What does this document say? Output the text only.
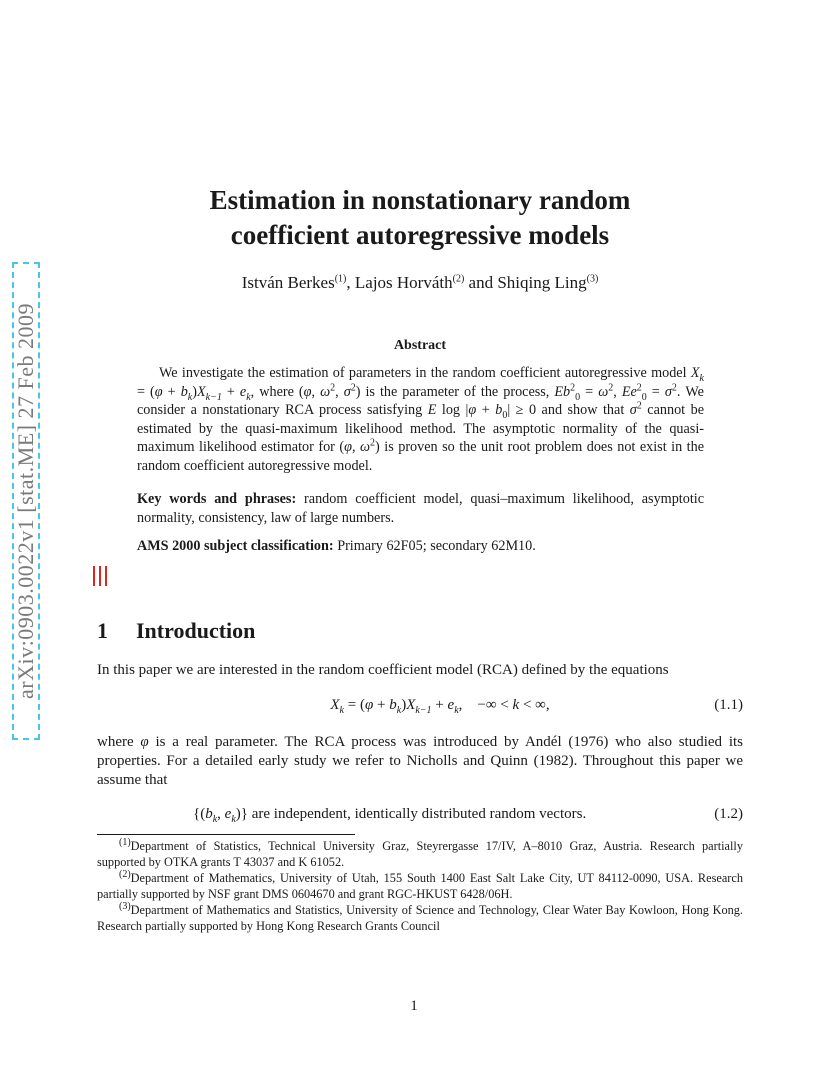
arXiv:0903.0022v1 [stat.ME] 27 Feb 2009
Estimation in nonstationary random
coefficient autoregressive models
István Berkes$^{(1)}$, Lajos Horváth$^{(2)}$ and Shiqing Ling$^{(3)}$
Abstract
We investigate the estimation of parameters in the random coefficient autoregressive model $X_k = (\varphi + b_k)X_{k-1} + e_k$, where (φ, $\omega^2$, $\sigma^2$) is the parameter of the process, $Eb^2_0 = \omega^2$, $Ee^2_0 = \sigma^2$. We consider a nonstationary RCA process satisfying E $\log |\varphi + b_0| \ge 0$ and show that $\sigma^2$ cannot be estimated by the quasi-maximum likelihood method. The asymptotic normality of the quasi-maximum likelihood estimator for (φ, $\omega^2$) is proven so the unit root problem does not exist in the random coefficient autoregressive model.
Key words and phrases: random coefficient model, quasi–maximum likelihood, asymptotic normality, consistency, law of large numbers.
AMS 2000 subject classification: Primary 62F05; secondary 62M10.
1 Introduction
In this paper we are interested in the random coefficient model (RCA) defined by the equations
$X_k = (\varphi + b_k)X_{k-1} + e_k$,    −∞ < k < ∞,	(1.1)
where φ is a real parameter. The RCA process was introduced by Andél (1976) who also studied its properties. For a detailed early study we refer to Nicholls and Quinn (1982). Throughout this paper we assume that
{($b_k$, $e_k$)} are independent, identically distributed random vectors.	(1.2)

$^{(1)}$Department of Statistics, Technical University Graz, Steyrergasse 17/IV, A–8010 Graz, Austria. Research partially supported by OTKA grants T 43037 and K 61052.

$^{(2)}$Department of Mathematics, University of Utah, 155 South 1400 East Salt Lake City, UT 84112-0090, USA. Research partially supported by NSF grant DMS 0604670 and grant RGC-HKUST 6428/06H.

$^{(3)}$Department of Mathematics and Statistics, University of Science and Technology, Clear Water Bay Kowloon, Hong Kong. Research partially supported by Hong Kong Research Grants Council

1
